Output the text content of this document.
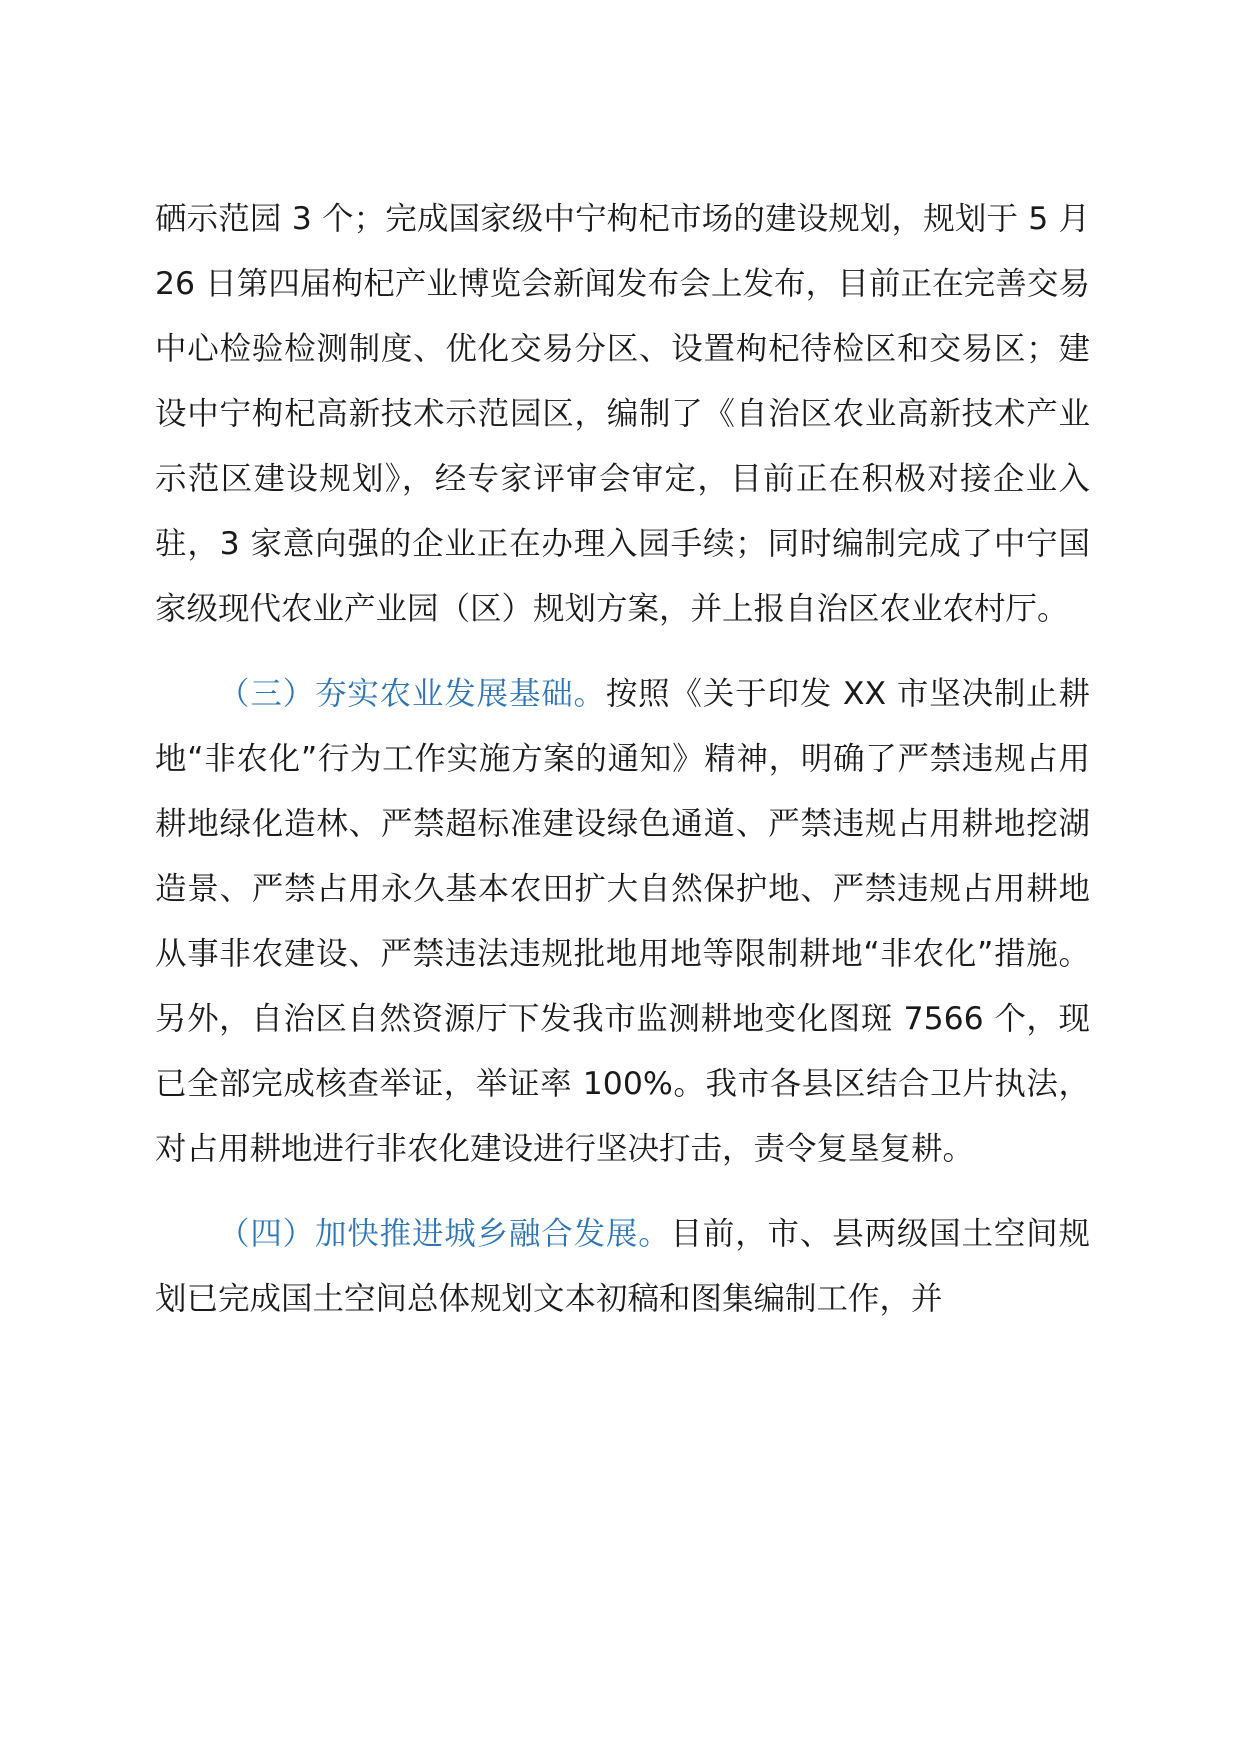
硒示范园 3 个；完成国家级中宁枸杞市场的建设规划，规划于 5 月 26 日第四届枸杞产业博览会新闻发布会上发布，目前正在完善交易中心检验检测制度、优化交易分区、设置枸杞待检区和交易区；建设中宁枸杞高新技术示范园区，编制了《自治区农业高新技术产业示范区建设规划》，经专家评审会审定，目前正在积极对接企业入驻，3 家意向强的企业正在办理入园手续；同时编制完成了中宁国家级现代农业产业园（区）规划方案，并上报自治区农业农村厅。

（三）夯实农业发展基础。按照《关于印发 XX 市坚决制止耕地“非农化”行为工作实施方案的通知》精神，明确了严禁违规占用耕地绿化造林、严禁超标准建设绿色通道、严禁违规占用耕地挖湖造景、严禁占用永久基本农田扩大自然保护地、严禁违规占用耕地从事非农建设、严禁违法违规批地用地等限制耕地“非农化”措施。另外，自治区自然资源厅下发我市监测耕地变化图斑 7566 个，现已全部完成核查举证，举证率 100%。我市各县区结合卫片执法，对占用耕地进行非农化建设进行坚决打击，责令复垦复耕。

（四）加快推进城乡融合发展。目前，市、县两级国土空间规划已完成国土空间总体规划文本初稿和图集编制工作，并
